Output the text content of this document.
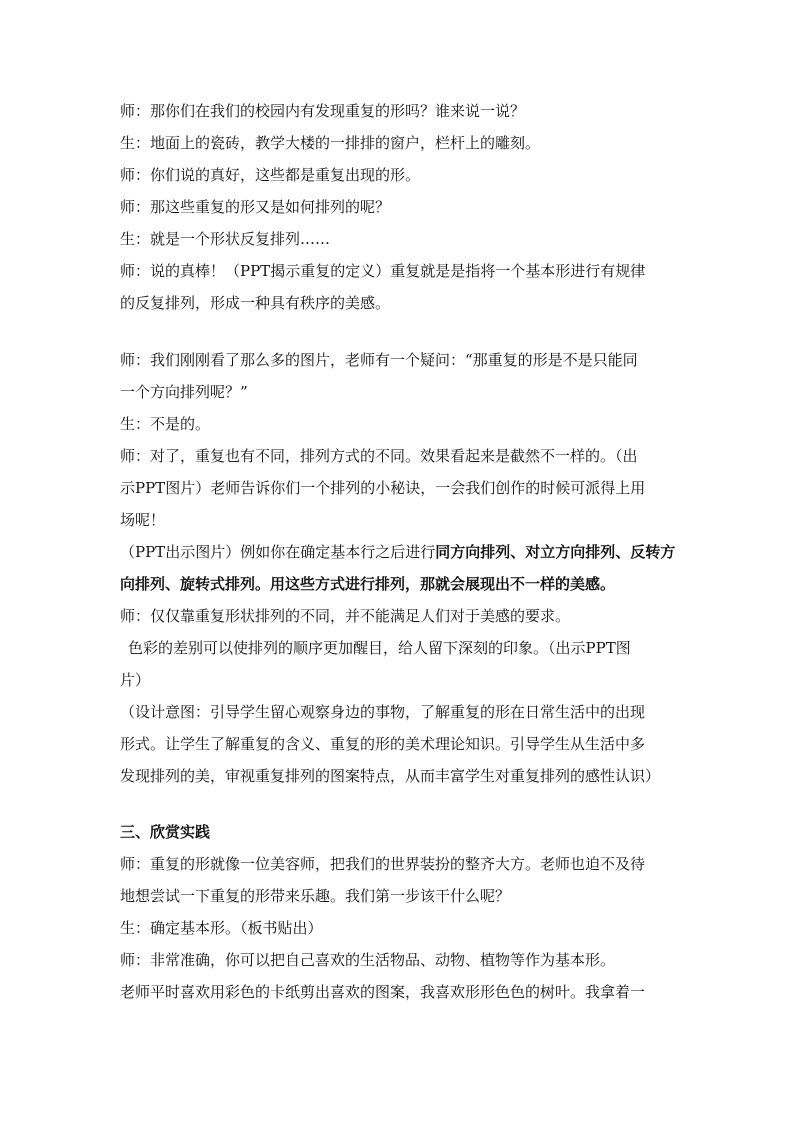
师：那你们在我们的校园内有发现重复的形吗？谁来说一说？
生：地面上的瓷砖，教学大楼的一排排的窗户，栏杆上的雕刻。
师：你们说的真好，这些都是重复出现的形。
师：那这些重复的形又是如何排列的呢？
生：就是一个形状反复排列……
师：说的真棒！（PPT揭示重复的定义）重复就是是指将一个基本形进行有规律
的反复排列，形成一种具有秩序的美感。
师：我们刚刚看了那么多的图片，老师有一个疑问：“那重复的形是不是只能同
一个方向排列呢？”
生：不是的。
师：对了，重复也有不同，排列方式的不同。效果看起来是截然不一样的。（出
示PPT图片）老师告诉你们一个排列的小秘诀，一会我们创作的时候可派得上用
场呢！
（PPT出示图片）例如你在确定基本行之后进行同方向排列、对立方向排列、反转方
向排列、旋转式排列。用这些方式进行排列，那就会展现出不一样的美感。
师：仅仅靠重复形状排列的不同，并不能满足人们对于美感的要求。
色彩的差别可以使排列的顺序更加醒目，给人留下深刻的印象。（出示PPT图
片）
（设计意图：引导学生留心观察身边的事物，了解重复的形在日常生活中的出现
形式。让学生了解重复的含义、重复的形的美术理论知识。引导学生从生活中多
发现排列的美，审视重复排列的图案特点，从而丰富学生对重复排列的感性认识）
三、欣赏实践
师：重复的形就像一位美容师，把我们的世界装扮的整齐大方。老师也迫不及待
地想尝试一下重复的形带来乐趣。我们第一步该干什么呢？
生：确定基本形。（板书贴出）
师：非常准确，你可以把自己喜欢的生活物品、动物、植物等作为基本形。
老师平时喜欢用彩色的卡纸剪出喜欢的图案，我喜欢形形色色的树叶。我拿着一
